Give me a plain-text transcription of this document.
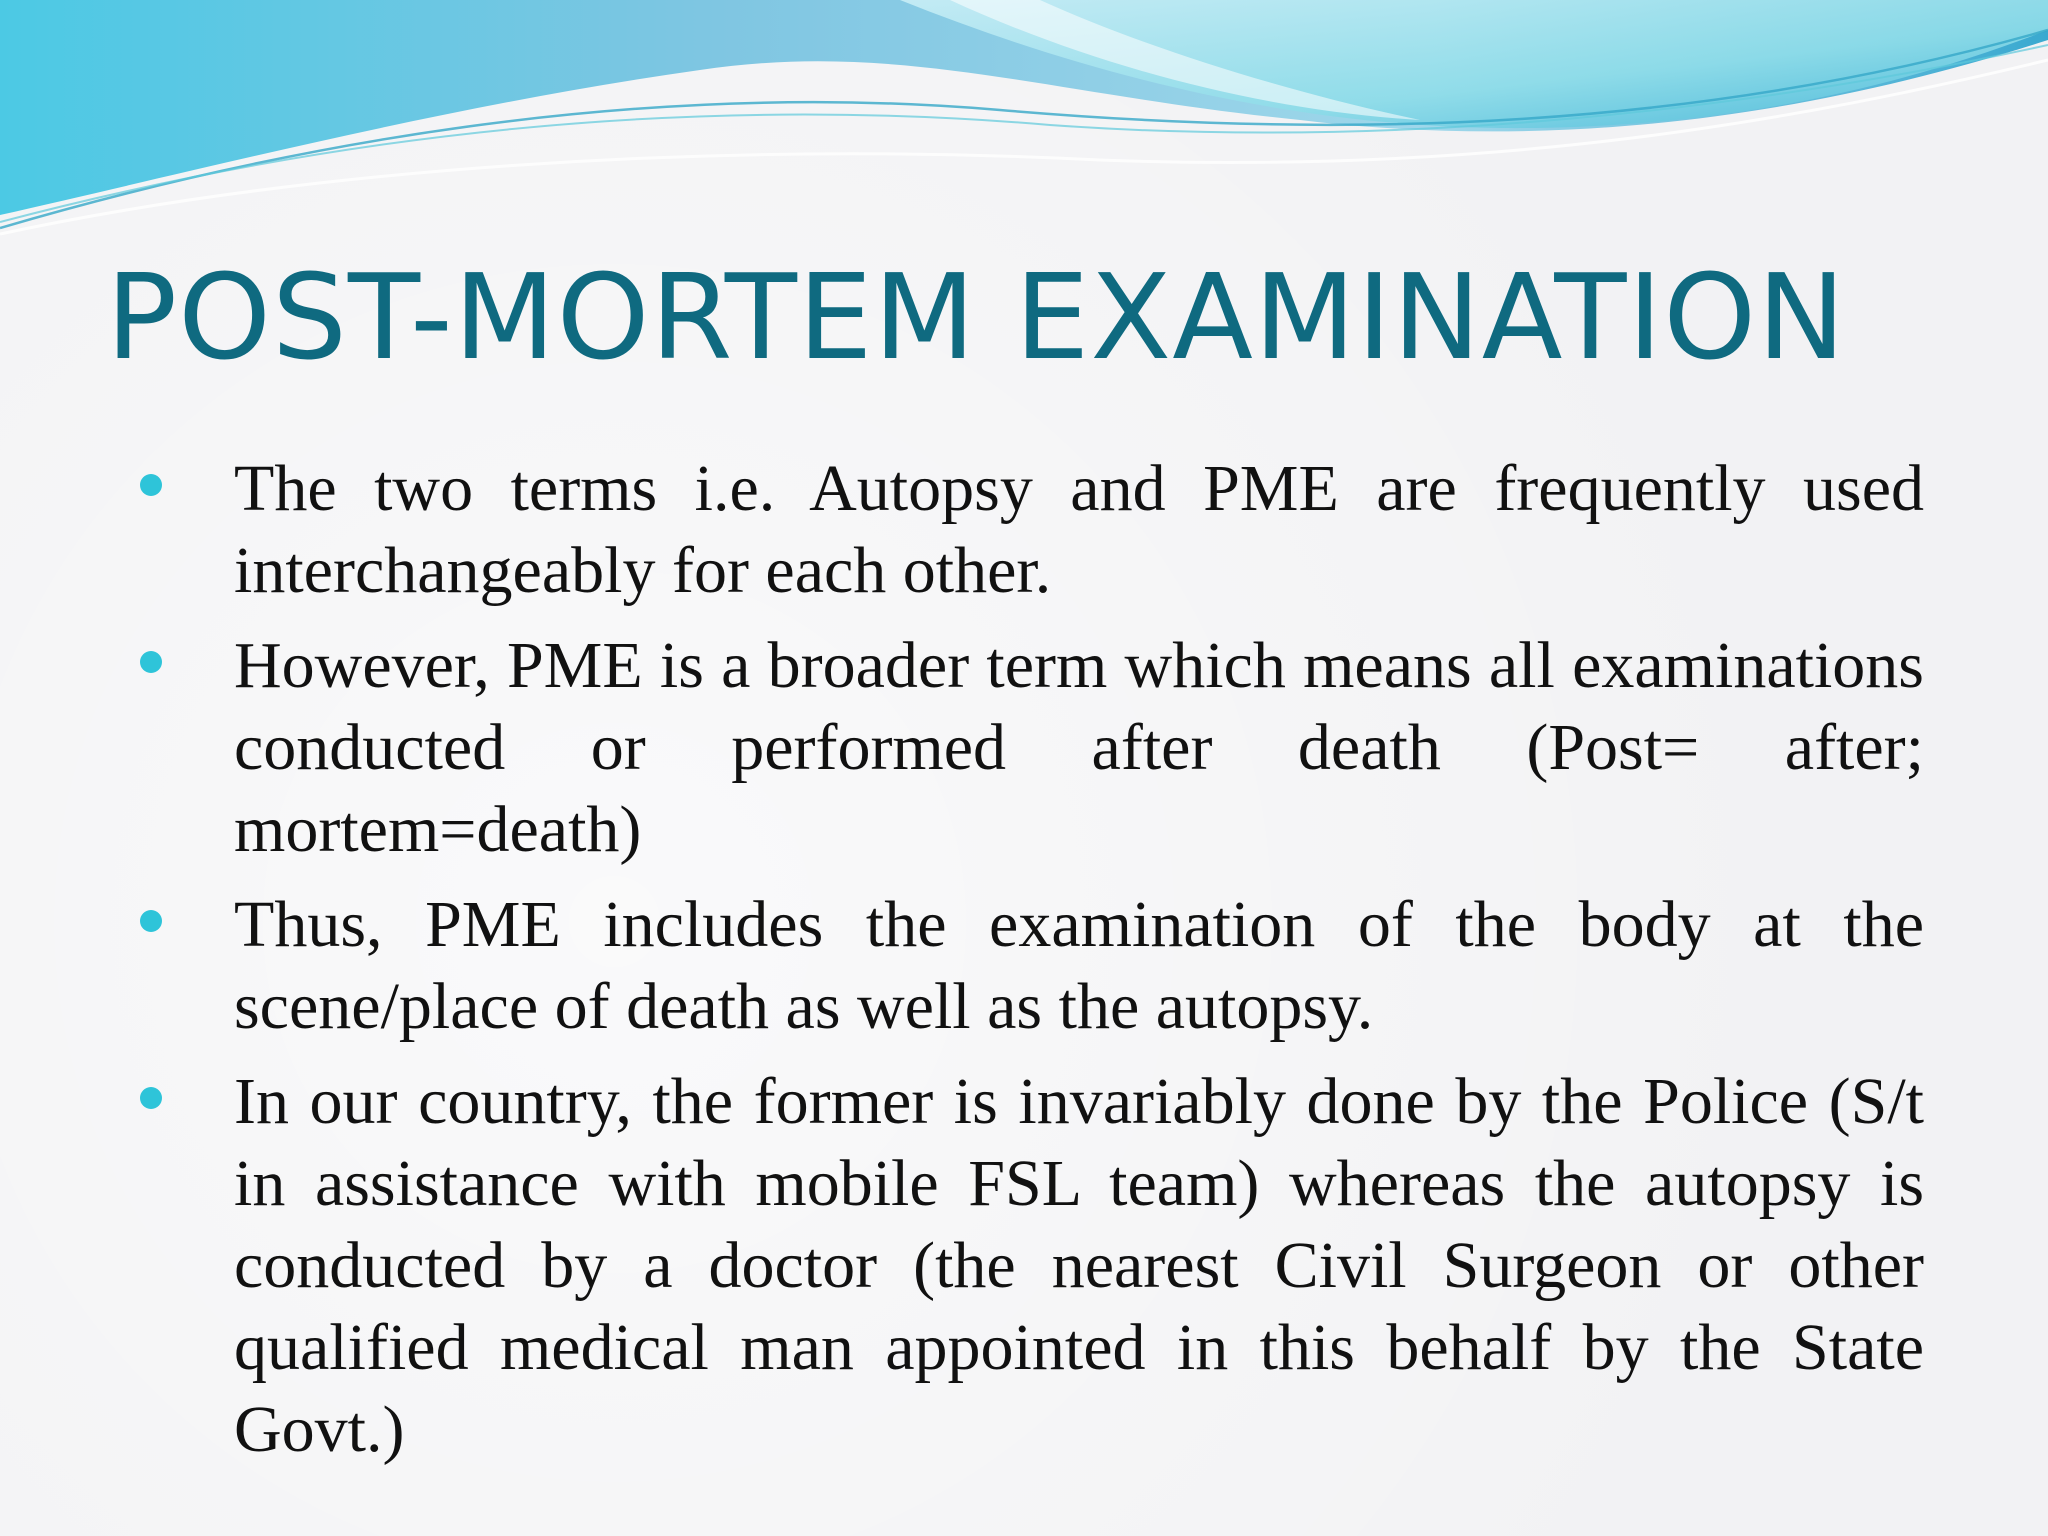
POST-MORTEM EXAMINATION
The two terms i.e. Autopsy and PME are frequently used interchangeably for each other.
However, PME is a broader term which means all examinations conducted or performed after death (Post= after; mortem=death)
Thus, PME includes the examination of the body at the scene/place of death as well as the autopsy.
In our country, the former is invariably done by the Police (S/t in assistance with mobile FSL team) whereas the autopsy is conducted by a doctor (the nearest Civil Surgeon or other qualified medical man appointed in this behalf by the State Govt.)
